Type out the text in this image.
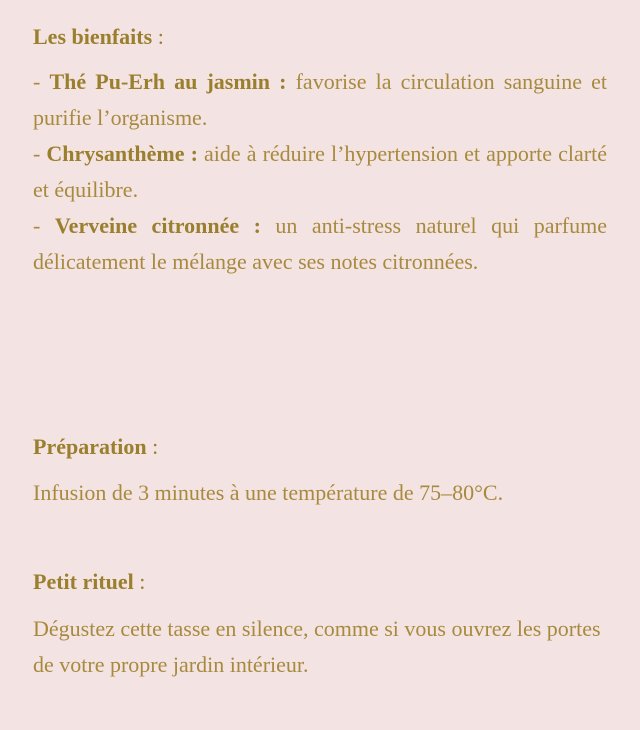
Les bienfaits :

- Thé Pu-Erh au jasmin : favorise la circulation sanguine et purifie l’organisme.
- Chrysanthème : aide à réduire l’hypertension et apporte clarté et équilibre.
- Verveine citronnée : un anti-stress naturel qui parfume délicatement le mélange avec ses notes citronnées.

Préparation :

Infusion de 3 minutes à une température de 75–80°C.

Petit rituel :

Dégustez cette tasse en silence, comme si vous ouvrez les portes de votre propre jardin intérieur.
